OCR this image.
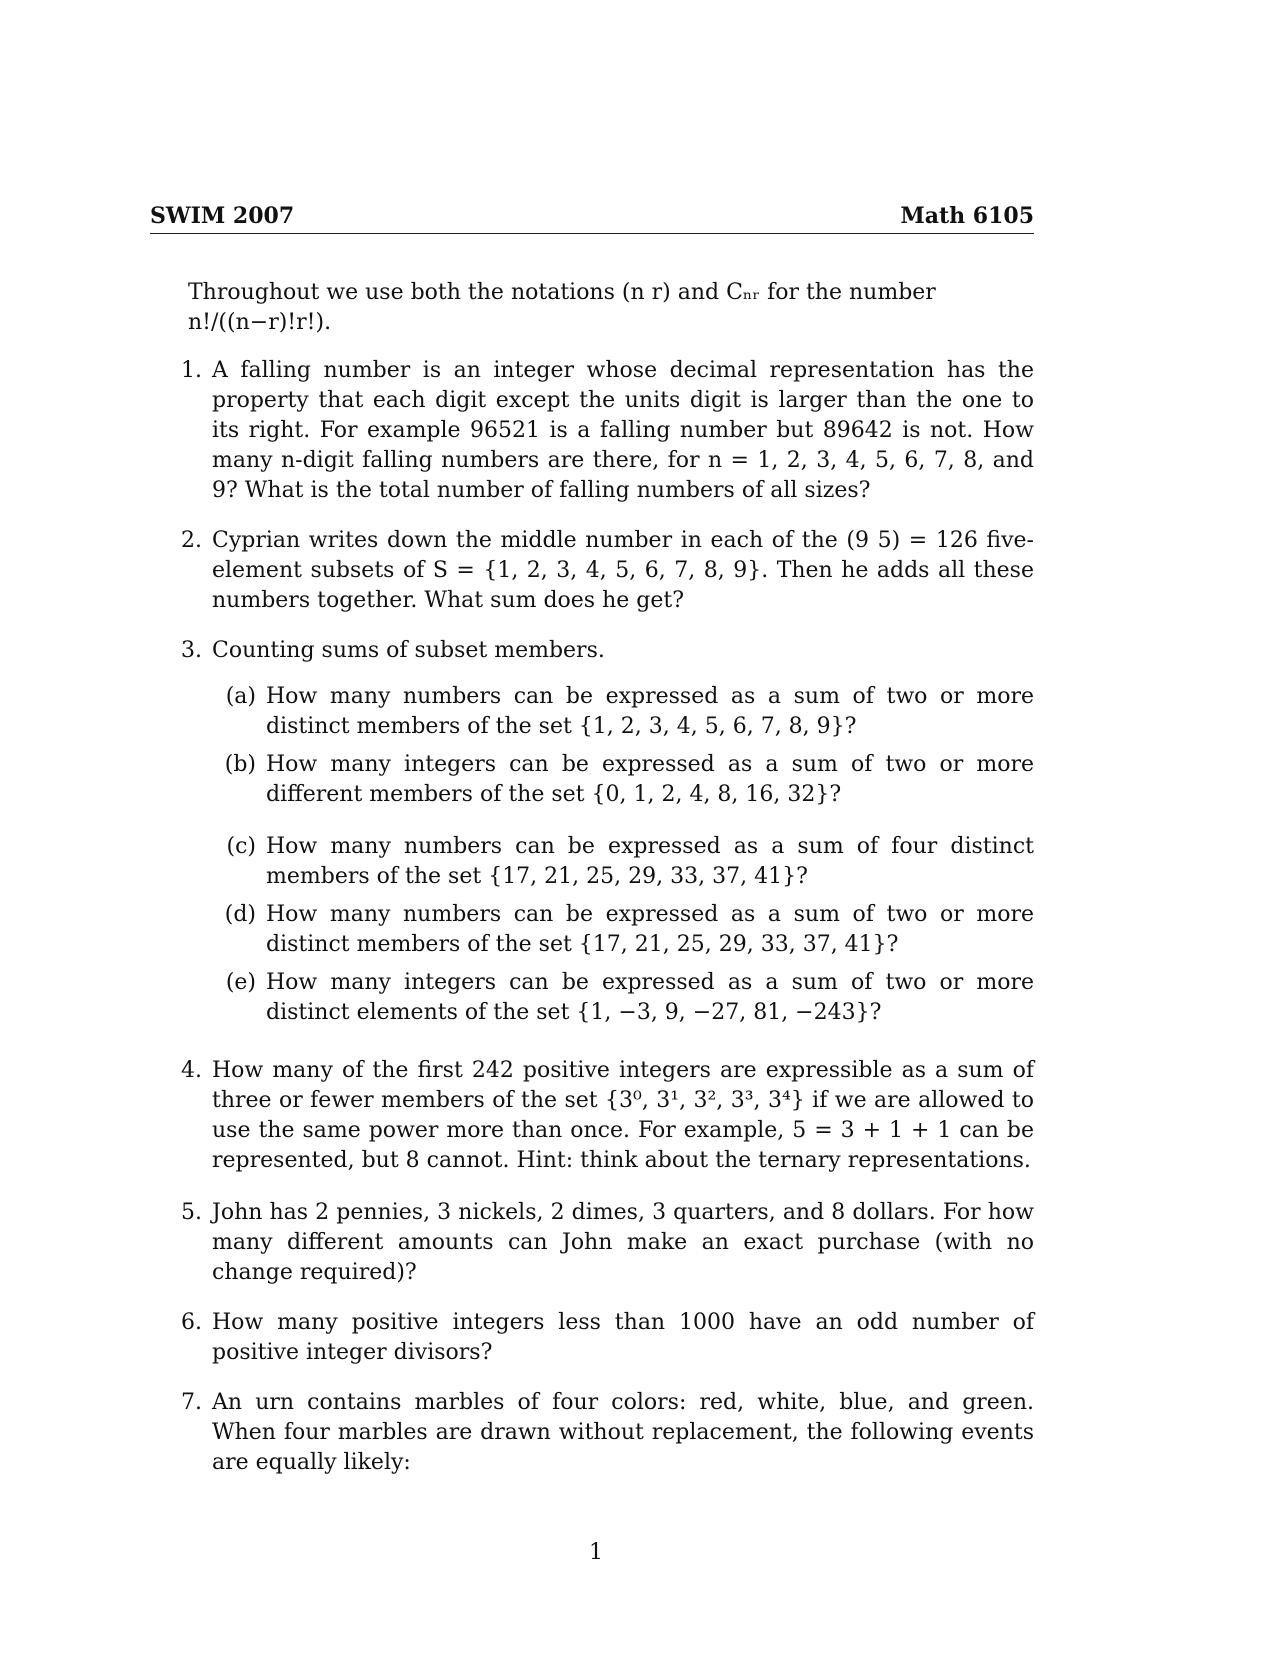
SWIM 2007	Math 6105
Throughout we use both the notations (n r) and Cₙᵣ for the number n!/((n−r)!r!).
1. A falling number is an integer whose decimal representation has the property that each digit except the units digit is larger than the one to its right. For example 96521 is a falling number but 89642 is not. How many n-digit falling numbers are there, for n = 1, 2, 3, 4, 5, 6, 7, 8, and 9? What is the total number of falling numbers of all sizes?
2. Cyprian writes down the middle number in each of the (9 5) = 126 five-element subsets of S = {1, 2, 3, 4, 5, 6, 7, 8, 9}. Then he adds all these numbers together. What sum does he get?
3. Counting sums of subset members.
(a) How many numbers can be expressed as a sum of two or more distinct members of the set {1, 2, 3, 4, 5, 6, 7, 8, 9}?
(b) How many integers can be expressed as a sum of two or more different members of the set {0, 1, 2, 4, 8, 16, 32}?
(c) How many numbers can be expressed as a sum of four distinct members of the set {17, 21, 25, 29, 33, 37, 41}?
(d) How many numbers can be expressed as a sum of two or more distinct members of the set {17, 21, 25, 29, 33, 37, 41}?
(e) How many integers can be expressed as a sum of two or more distinct elements of the set {1, −3, 9, −27, 81, −243}?
4. How many of the first 242 positive integers are expressible as a sum of three or fewer members of the set {3⁰, 3¹, 3², 3³, 3⁴} if we are allowed to use the same power more than once. For example, 5 = 3 + 1 + 1 can be represented, but 8 cannot. Hint: think about the ternary representations.
5. John has 2 pennies, 3 nickels, 2 dimes, 3 quarters, and 8 dollars. For how many different amounts can John make an exact purchase (with no change required)?
6. How many positive integers less than 1000 have an odd number of positive integer divisors?
7. An urn contains marbles of four colors: red, white, blue, and green. When four marbles are drawn without replacement, the following events are equally likely:
1
